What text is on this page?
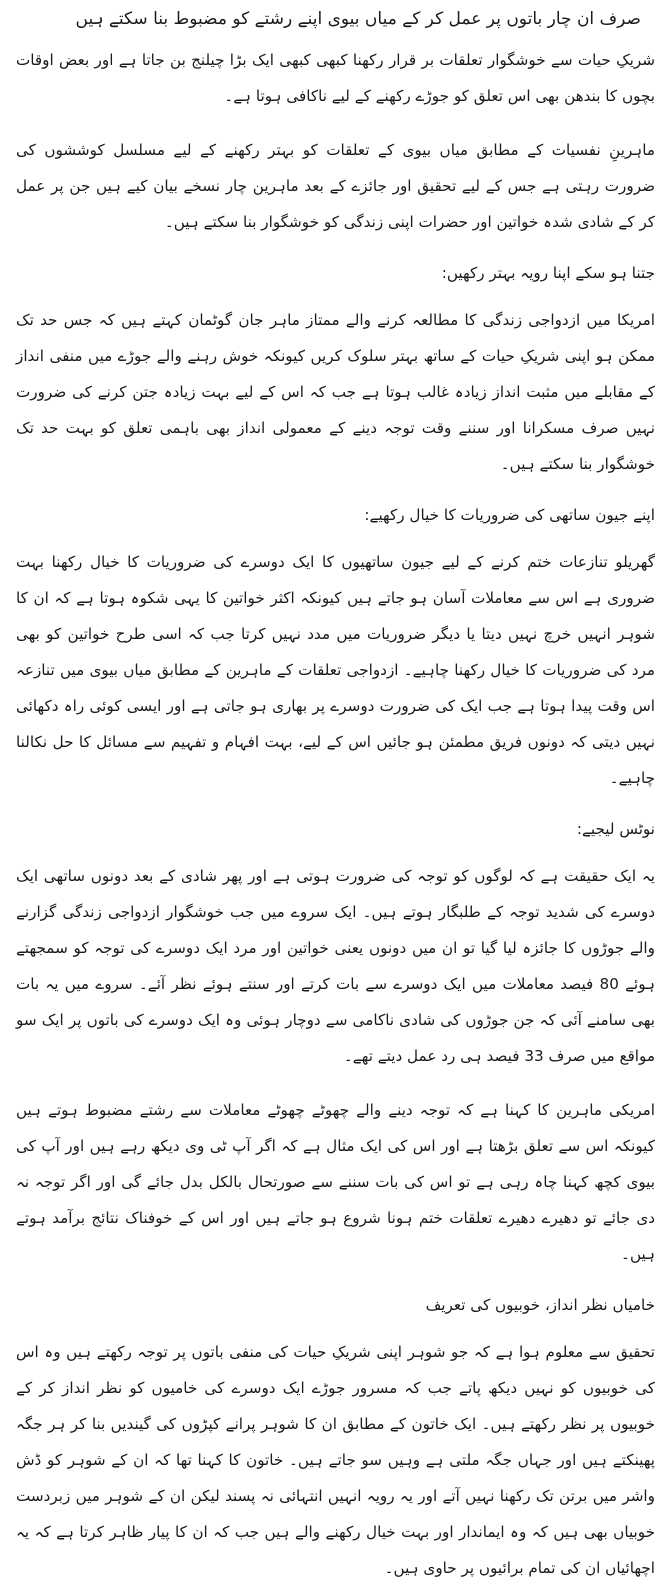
صرف ان چار باتوں پر عمل کر کے میاں بیوی اپنے رشتے کو مضبوط بنا سکتے ہیں

شریکِ حیات سے خوشگوار تعلقات بر قرار رکھنا کبھی کبھی ایک بڑا چیلنج بن جاتا ہے اور بعض اوقات بچوں کا بندھن بھی اس تعلق کو جوڑے رکھنے کے لیے ناکافی ہوتا ہے۔

ماہرینِ نفسیات کے مطابق میاں بیوی کے تعلقات کو بہتر رکھنے کے لیے مسلسل کوششوں کی ضرورت رہتی ہے جس کے لیے تحقیق اور جائزے کے بعد ماہرین چار نسخے بیان کیے ہیں جن پر عمل کر کے شادی شدہ خواتین اور حضرات اپنی زندگی کو خوشگوار بنا سکتے ہیں۔

جتنا ہو سکے اپنا رویہ بہتر رکھیں:

امریکا میں ازدواجی زندگی کا مطالعہ کرنے والے ممتاز ماہر جان گوٹمان کہتے ہیں کہ جس حد تک ممکن ہو اپنی شریکِ حیات کے ساتھ بہتر سلوک کریں کیونکہ خوش رہنے والے جوڑے میں منفی انداز کے مقابلے میں مثبت انداز زیادہ غالب ہوتا ہے جب کہ اس کے لیے بہت زیادہ جتن کرنے کی ضرورت نہیں صرف مسکرانا اور سننے وقت توجہ دینے کے معمولی انداز بھی باہمی تعلق کو بہت حد تک خوشگوار بنا سکتے ہیں۔

اپنے جیون ساتھی کی ضروریات کا خیال رکھیے:

گھریلو تنازعات ختم کرنے کے لیے جیون ساتھیوں کا ایک دوسرے کی ضروریات کا خیال رکھنا بہت ضروری ہے اس سے معاملات آسان ہو جاتے ہیں کیونکہ اکثر خواتین کا یہی شکوہ ہوتا ہے کہ ان کا شوہر انہیں خرچ نہیں دیتا یا دیگر ضروریات میں مدد نہیں کرتا جب کہ اسی طرح خواتین کو بھی مرد کی ضروریات کا خیال رکھنا چاہیے۔ ازدواجی تعلقات کے ماہرین کے مطابق میاں بیوی میں تنازعہ اس وقت پیدا ہوتا ہے جب ایک کی ضرورت دوسرے پر بھاری ہو جاتی ہے اور ایسی کوئی راہ دکھائی نہیں دیتی کہ دونوں فریق مطمئن ہو جائیں اس کے لیے، بہت افہام و تفہیم سے مسائل کا حل نکالنا چاہیے۔

نوٹس لیجیے:

یہ ایک حقیقت ہے کہ لوگوں کو توجہ کی ضرورت ہوتی ہے اور پھر شادی کے بعد دونوں ساتھی ایک دوسرے کی شدید توجہ کے طلبگار ہوتے ہیں۔ ایک سروے میں جب خوشگوار ازدواجی زندگی گزارنے والے جوڑوں کا جائزہ لیا گیا تو ان میں دونوں یعنی خواتین اور مرد ایک دوسرے کی توجہ کو سمجھتے ہوئے 80 فیصد معاملات میں ایک دوسرے سے بات کرتے اور سنتے ہوئے نظر آئے۔ سروے میں یہ بات بھی سامنے آئی کہ جن جوڑوں کی شادی ناکامی سے دوچار ہوئی وہ ایک دوسرے کی باتوں پر ایک سو مواقع میں صرف 33 فیصد ہی رد عمل دیتے تھے۔

امریکی ماہرین کا کہنا ہے کہ توجہ دینے والے چھوٹے چھوٹے معاملات سے رشتے مضبوط ہوتے ہیں کیونکہ اس سے تعلق بڑھتا ہے اور اس کی ایک مثال ہے کہ اگر آپ ٹی وی دیکھ رہے ہیں اور آپ کی بیوی کچھ کہنا چاہ رہی ہے تو اس کی بات سننے سے صورتحال بالکل بدل جائے گی اور اگر توجہ نہ دی جائے تو دھیرے دھیرے تعلقات ختم ہونا شروع ہو جاتے ہیں اور اس کے خوفناک نتائج برآمد ہوتے ہیں۔

خامیاں نظر انداز، خوبیوں کی تعریف

تحقیق سے معلوم ہوا ہے کہ جو شوہر اپنی شریکِ حیات کی منفی باتوں پر توجہ رکھتے ہیں وہ اس کی خوبیوں کو نہیں دیکھ پاتے جب کہ مسرور جوڑے ایک دوسرے کی خامیوں کو نظر انداز کر کے خوبیوں پر نظر رکھتے ہیں۔ ایک خاتون کے مطابق ان کا شوہر پرانے کپڑوں کی گیندیں بنا کر ہر جگہ پھینکتے ہیں اور جہاں جگہ ملتی ہے وہیں سو جاتے ہیں۔ خاتون کا کہنا تھا کہ ان کے شوہر کو ڈش واشر میں برتن تک رکھنا نہیں آتے اور یہ رویہ انہیں انتہائی نہ پسند لیکن ان کے شوہر میں زبردست خوبیاں بھی ہیں کہ وہ ایماندار اور بہت خیال رکھنے والے ہیں جب کہ ان کا پیار ظاہر کرتا ہے کہ یہ اچھائیاں ان کی تمام برائیوں پر حاوی ہیں۔
